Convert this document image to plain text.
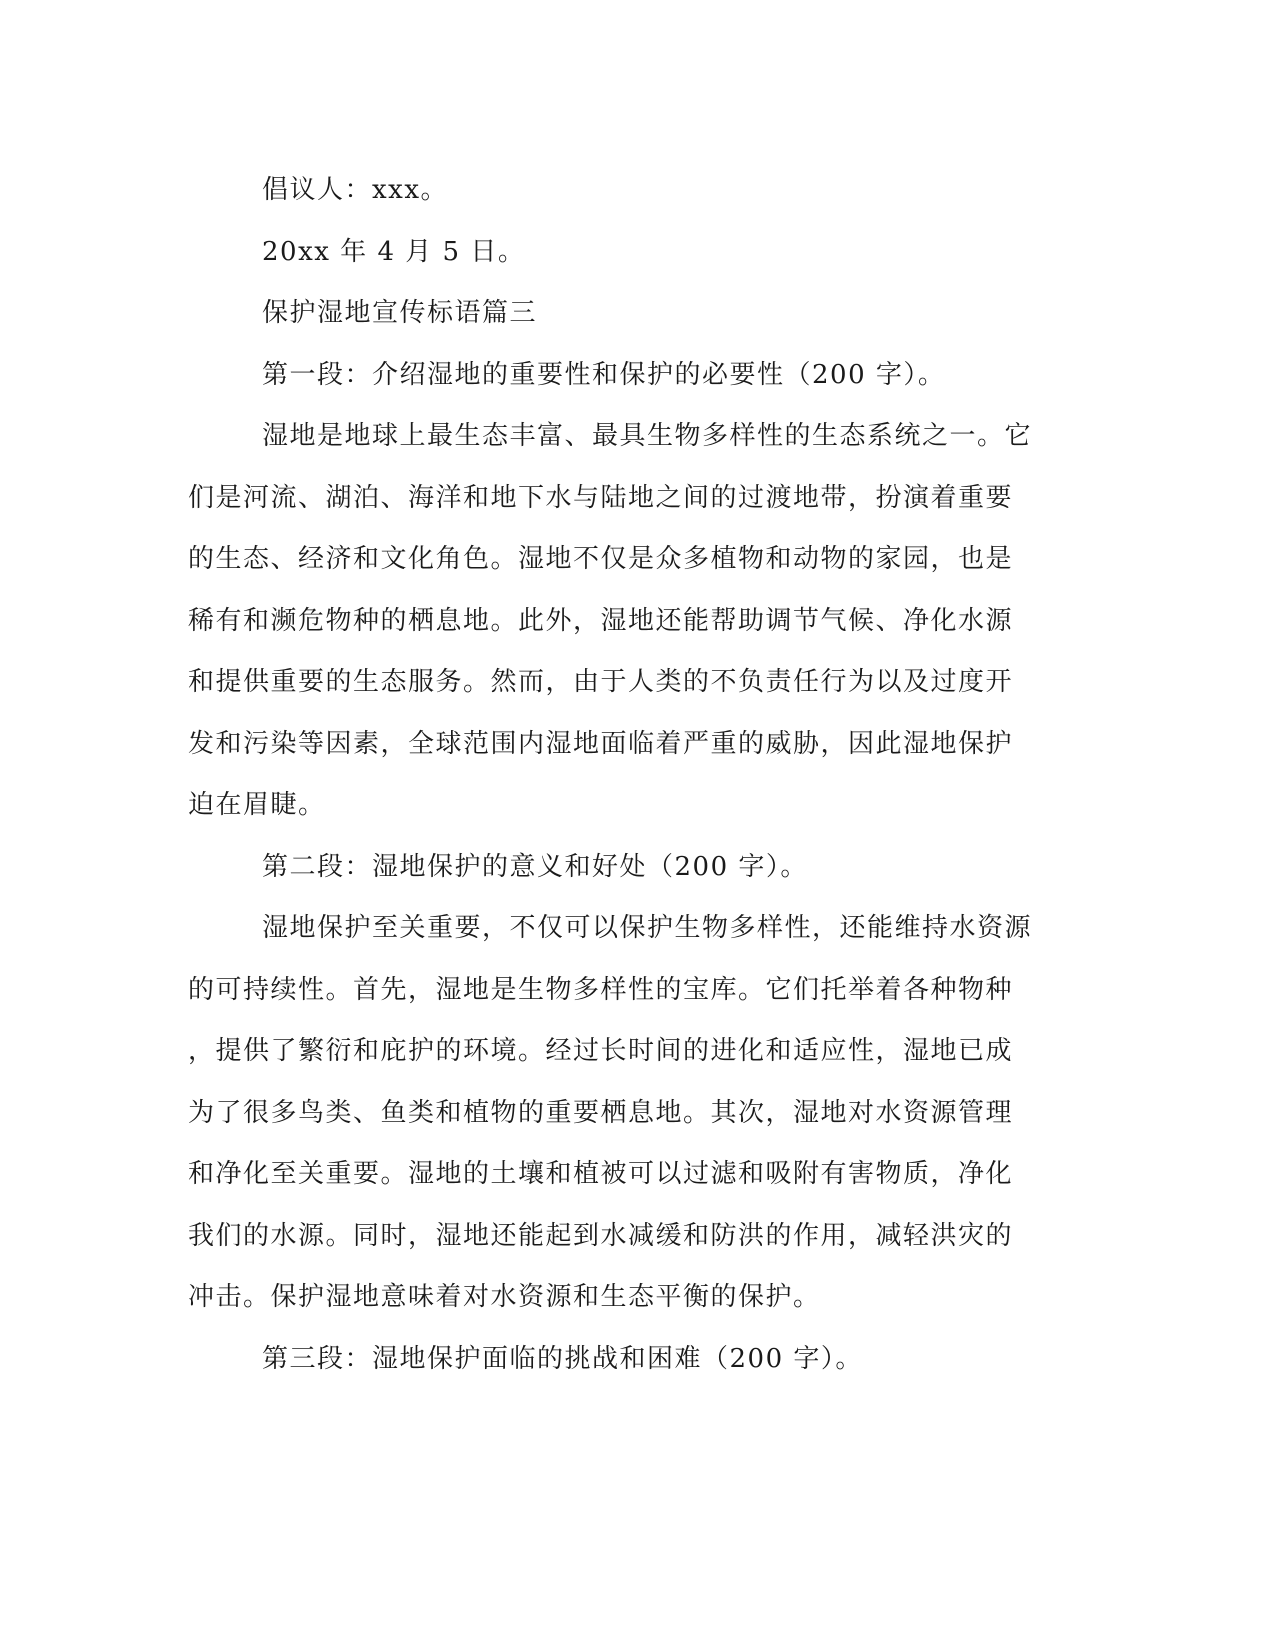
倡议人：xxx。

20xx 年 4 月 5 日。

保护湿地宣传标语篇三

第一段：介绍湿地的重要性和保护的必要性（200 字）。

湿地是地球上最生态丰富、最具生物多样性的生态系统之一。它

们是河流、湖泊、海洋和地下水与陆地之间的过渡地带，扮演着重要

的生态、经济和文化角色。湿地不仅是众多植物和动物的家园，也是

稀有和濒危物种的栖息地。此外，湿地还能帮助调节气候、净化水源

和提供重要的生态服务。然而，由于人类的不负责任行为以及过度开

发和污染等因素，全球范围内湿地面临着严重的威胁，因此湿地保护

迫在眉睫。

第二段：湿地保护的意义和好处（200 字）。

湿地保护至关重要，不仅可以保护生物多样性，还能维持水资源

的可持续性。首先，湿地是生物多样性的宝库。它们托举着各种物种

，提供了繁衍和庇护的环境。经过长时间的进化和适应性，湿地已成

为了很多鸟类、鱼类和植物的重要栖息地。其次，湿地对水资源管理

和净化至关重要。湿地的土壤和植被可以过滤和吸附有害物质，净化

我们的水源。同时，湿地还能起到水减缓和防洪的作用，减轻洪灾的

冲击。保护湿地意味着对水资源和生态平衡的保护。

第三段：湿地保护面临的挑战和困难（200 字）。
